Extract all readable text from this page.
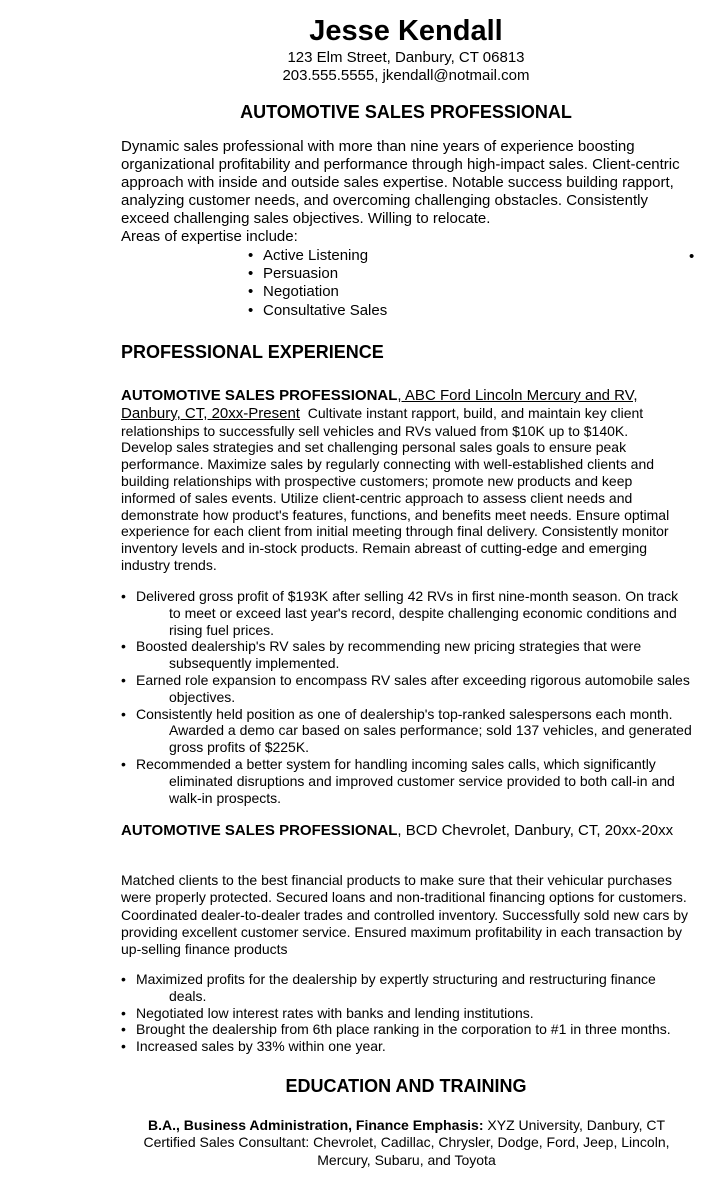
Jesse Kendall
123 Elm Street, Danbury, CT 06813
203.555.5555, jkendall@notmail.com
AUTOMOTIVE SALES PROFESSIONAL
Dynamic sales professional with more than nine years of experience boosting organizational profitability and performance through high-impact sales. Client-centric approach with inside and outside sales expertise. Notable success building rapport, analyzing customer needs, and overcoming challenging obstacles. Consistently exceed challenging sales objectives. Willing to relocate.
Areas of expertise include:
• Active Listening
• Persuasion
• Negotiation
• Consultative Sales
•
PROFESSIONAL EXPERIENCE
AUTOMOTIVE SALES PROFESSIONAL, ABC Ford Lincoln Mercury and RV, Danbury, CT, 20xx-Present Cultivate instant rapport, build, and maintain key client relationships to successfully sell vehicles and RVs valued from $10K up to $140K. Develop sales strategies and set challenging personal sales goals to ensure peak performance. Maximize sales by regularly connecting with well-established clients and building relationships with prospective customers; promote new products and keep informed of sales events. Utilize client-centric approach to assess client needs and demonstrate how product's features, functions, and benefits meet needs. Ensure optimal experience for each client from initial meeting through final delivery. Consistently monitor inventory levels and in-stock products. Remain abreast of cutting-edge and emerging industry trends.
• Delivered gross profit of $193K after selling 42 RVs in first nine-month season. On track to meet or exceed last year's record, despite challenging economic conditions and rising fuel prices.
• Boosted dealership's RV sales by recommending new pricing strategies that were subsequently implemented.
• Earned role expansion to encompass RV sales after exceeding rigorous automobile sales objectives.
• Consistently held position as one of dealership's top-ranked salespersons each month. Awarded a demo car based on sales performance; sold 137 vehicles, and generated gross profits of $225K.
• Recommended a better system for handling incoming sales calls, which significantly eliminated disruptions and improved customer service provided to both call-in and walk-in prospects.
AUTOMOTIVE SALES PROFESSIONAL, BCD Chevrolet, Danbury, CT, 20xx-20xx
Matched clients to the best financial products to make sure that their vehicular purchases were properly protected. Secured loans and non-traditional financing options for customers. Coordinated dealer-to-dealer trades and controlled inventory. Successfully sold new cars by providing excellent customer service. Ensured maximum profitability in each transaction by up-selling finance products
• Maximized profits for the dealership by expertly structuring and restructuring finance deals.
• Negotiated low interest rates with banks and lending institutions.
• Brought the dealership from 6th place ranking in the corporation to #1 in three months.
• Increased sales by 33% within one year.
EDUCATION AND TRAINING
B.A., Business Administration, Finance Emphasis: XYZ University, Danbury, CT
Certified Sales Consultant: Chevrolet, Cadillac, Chrysler, Dodge, Ford, Jeep, Lincoln, Mercury, Subaru, and Toyota
